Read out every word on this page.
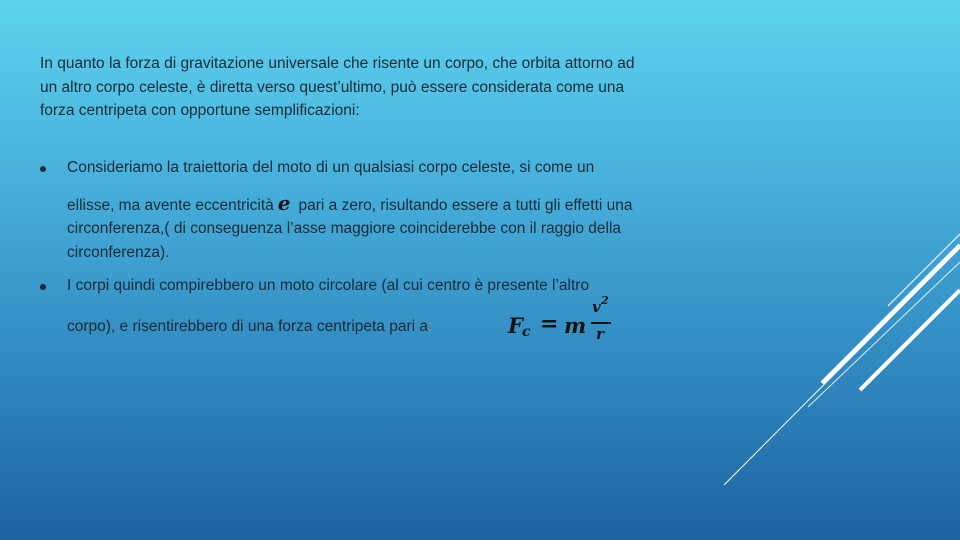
In quanto la forza di gravitazione universale che risente un corpo, che orbita attorno ad
un altro corpo celeste, è diretta verso quest’ultimo, può essere considerata come una
forza centripeta con opportune semplificazioni:

Consideriamo la traiettoria del moto di un qualsiasi corpo celeste, si come un
ellisse, ma avente eccentricità e pari a zero, risultando essere a tutti gli effetti una
circonferenza,( di conseguenza l’asse maggiore coinciderebbe con il raggio della
circonferenza).
I corpi quindi compirebbero un moto circolare (al cui centro è presente l’altro
corpo), e risentirebbero di una forza centripeta pari a:	F c = m
v 2
r
